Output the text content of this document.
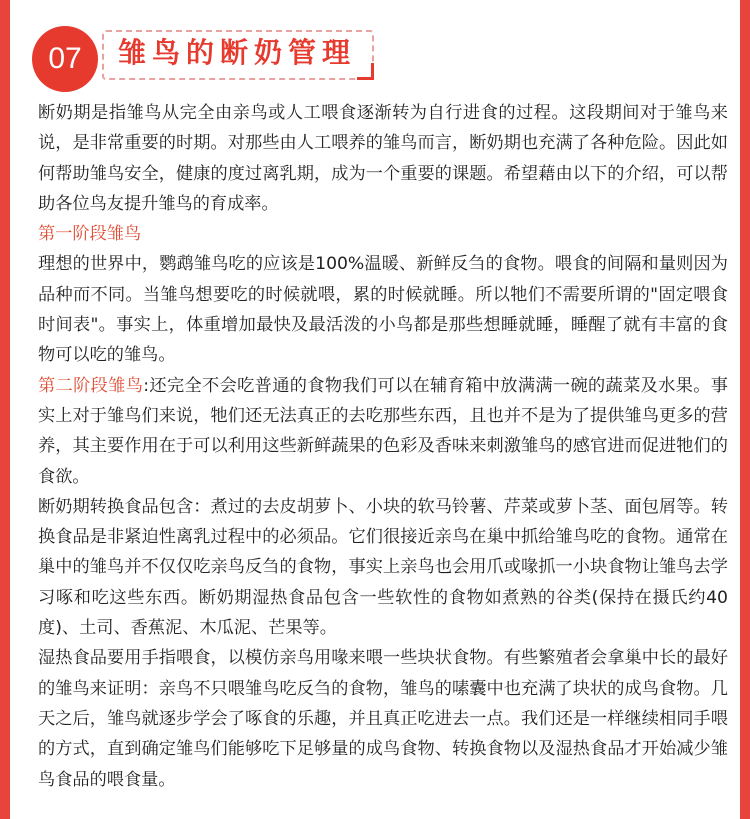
07	雏鸟的断奶管理

断奶期是指雏鸟从完全由亲鸟或人工喂食逐渐转为自行进食的过程。这段期间对于雏鸟来说，是非常重要的时期。对那些由人工喂养的雏鸟而言，断奶期也充满了各种危险。因此如何帮助雏鸟安全，健康的度过离乳期，成为一个重要的课题。希望藉由以下的介绍，可以帮助各位鸟友提升雏鸟的育成率。

第一阶段雏鸟

理想的世界中，鹦鹉雏鸟吃的应该是100%温暖、新鲜反刍的食物。喂食的间隔和量则因为品种而不同。当雏鸟想要吃的时候就喂，累的时候就睡。所以牠们不需要所谓的"固定喂食时间表"。事实上，体重增加最快及最活泼的小鸟都是那些想睡就睡，睡醒了就有丰富的食物可以吃的雏鸟。

第二阶段雏鸟:还完全不会吃普通的食物我们可以在辅育箱中放满满一碗的蔬菜及水果。事实上对于雏鸟们来说，牠们还无法真正的去吃那些东西，且也并不是为了提供雏鸟更多的营养，其主要作用在于可以利用这些新鲜蔬果的色彩及香味来刺激雏鸟的感官进而促进牠们的食欲。

断奶期转换食品包含：煮过的去皮胡萝卜、小块的软马铃薯、芹菜或萝卜茎、面包屑等。转换食品是非紧迫性离乳过程中的必须品。它们很接近亲鸟在巢中抓给雏鸟吃的食物。通常在巢中的雏鸟并不仅仅吃亲鸟反刍的食物，事实上亲鸟也会用爪或喙抓一小块食物让雏鸟去学习啄和吃这些东西。断奶期湿热食品包含一些软性的食物如煮熟的谷类(保持在摄氏约40度)、土司、香蕉泥、木瓜泥、芒果等。

湿热食品要用手指喂食，以模仿亲鸟用喙来喂一些块状食物。有些繁殖者会拿巢中长的最好的雏鸟来证明：亲鸟不只喂雏鸟吃反刍的食物，雏鸟的嗉囊中也充满了块状的成鸟食物。几天之后，雏鸟就逐步学会了啄食的乐趣，并且真正吃进去一点。我们还是一样继续相同手喂的方式，直到确定雏鸟们能够吃下足够量的成鸟食物、转换食物以及湿热食品才开始减少雏鸟食品的喂食量。
